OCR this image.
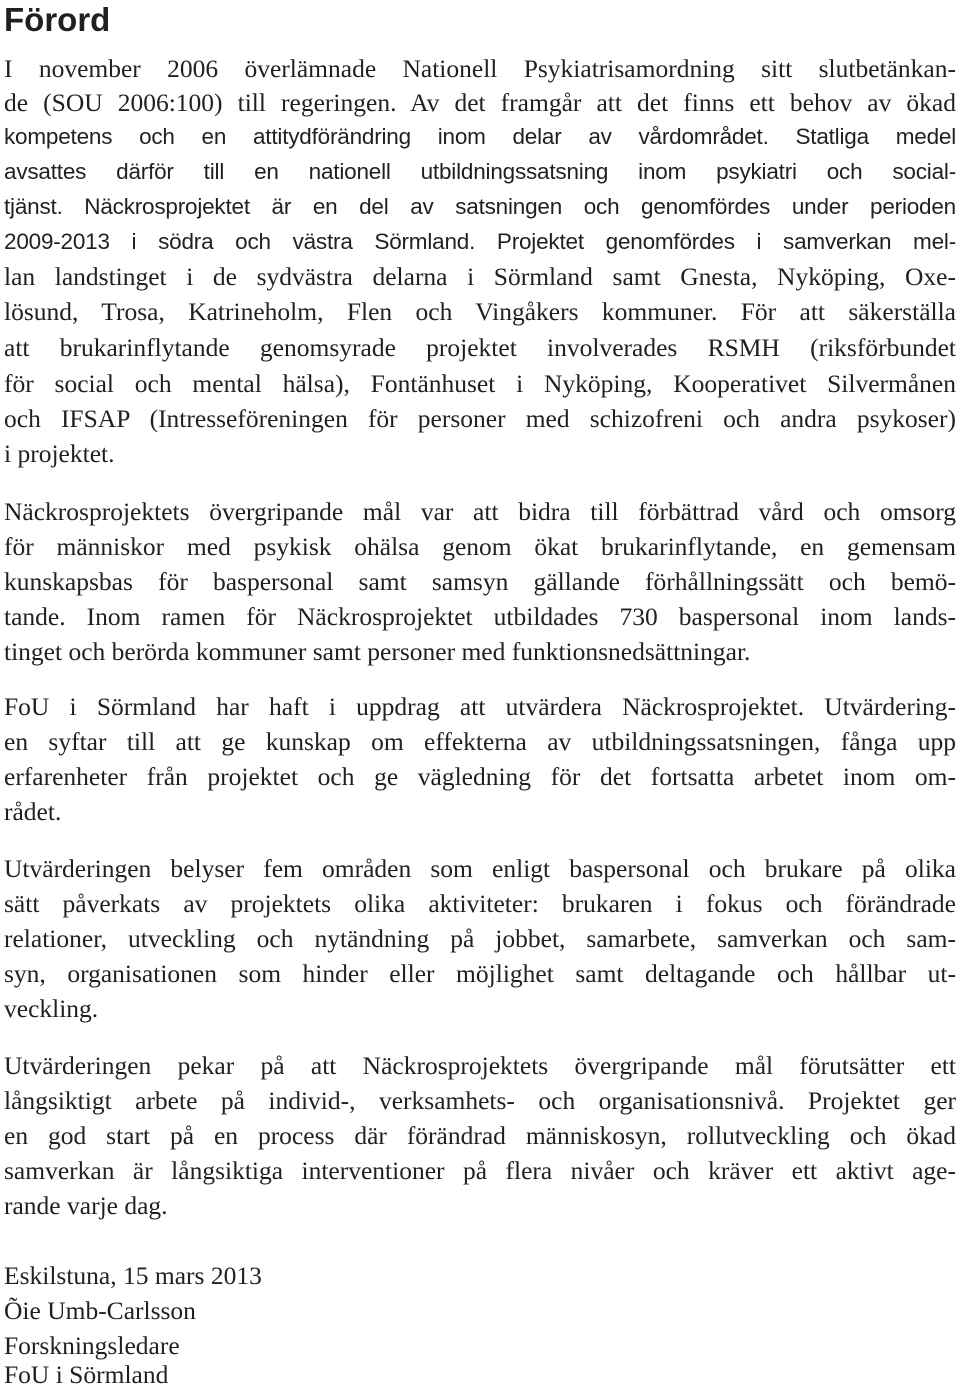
Förord
I november 2006 överlämnade Nationell Psykiatrisamordning sitt slutbetänkan-
de (SOU 2006:100) till regeringen. Av det framgår att det finns ett behov av ökad
kompetens och en attitydförändring inom delar av vårdområdet. Statliga medel
avsattes därför till en nationell utbildningssatsning inom psykiatri och social-
tjänst. Näckrosprojektet är en del av satsningen och genomfördes under perioden
2009-2013 i södra och västra Sörmland. Projektet genomfördes i samverkan mel-
lan landstinget i de sydvästra delarna i Sörmland samt Gnesta, Nyköping, Oxe-
lösund, Trosa, Katrineholm, Flen och Vingåkers kommuner. För att säkerställa
att brukarinflytande genomsyrade projektet involverades RSMH (riksförbundet
för social och mental hälsa), Fontänhuset i Nyköping, Kooperativet Silvermånen
och IFSAP (Intresseföreningen för personer med schizofreni och andra psykoser)
i projektet.
Näckrosprojektets övergripande mål var att bidra till förbättrad vård och omsorg
för människor med psykisk ohälsa genom ökat brukarinflytande, en gemensam
kunskapsbas för baspersonal samt samsyn gällande förhållningssätt och bemö-
tande. Inom ramen för Näckrosprojektet utbildades 730 baspersonal inom lands-
tinget och berörda kommuner samt personer med funktionsnedsättningar.
FoU i Sörmland har haft i uppdrag att utvärdera Näckrosprojektet. Utvärdering-
en syftar till att ge kunskap om effekterna av utbildningssatsningen, fånga upp
erfarenheter från projektet och ge vägledning för det fortsatta arbetet inom om-
rådet.
Utvärderingen belyser fem områden som enligt baspersonal och brukare på olika
sätt påverkats av projektets olika aktiviteter: brukaren i fokus och förändrade
relationer, utveckling och nytändning på jobbet, samarbete, samverkan och sam-
syn, organisationen som hinder eller möjlighet samt deltagande och hållbar ut-
veckling.
Utvärderingen pekar på att Näckrosprojektets övergripande mål förutsätter ett
långsiktigt arbete på individ-, verksamhets- och organisationsnivå. Projektet ger
en god start på en process där förändrad människosyn, rollutveckling och ökad
samverkan är långsiktiga interventioner på flera nivåer och kräver ett aktivt age-
rande varje dag.
Eskilstuna, 15 mars 2013
Õie Umb-Carlsson
Forskningsledare
FoU i Sörmland
